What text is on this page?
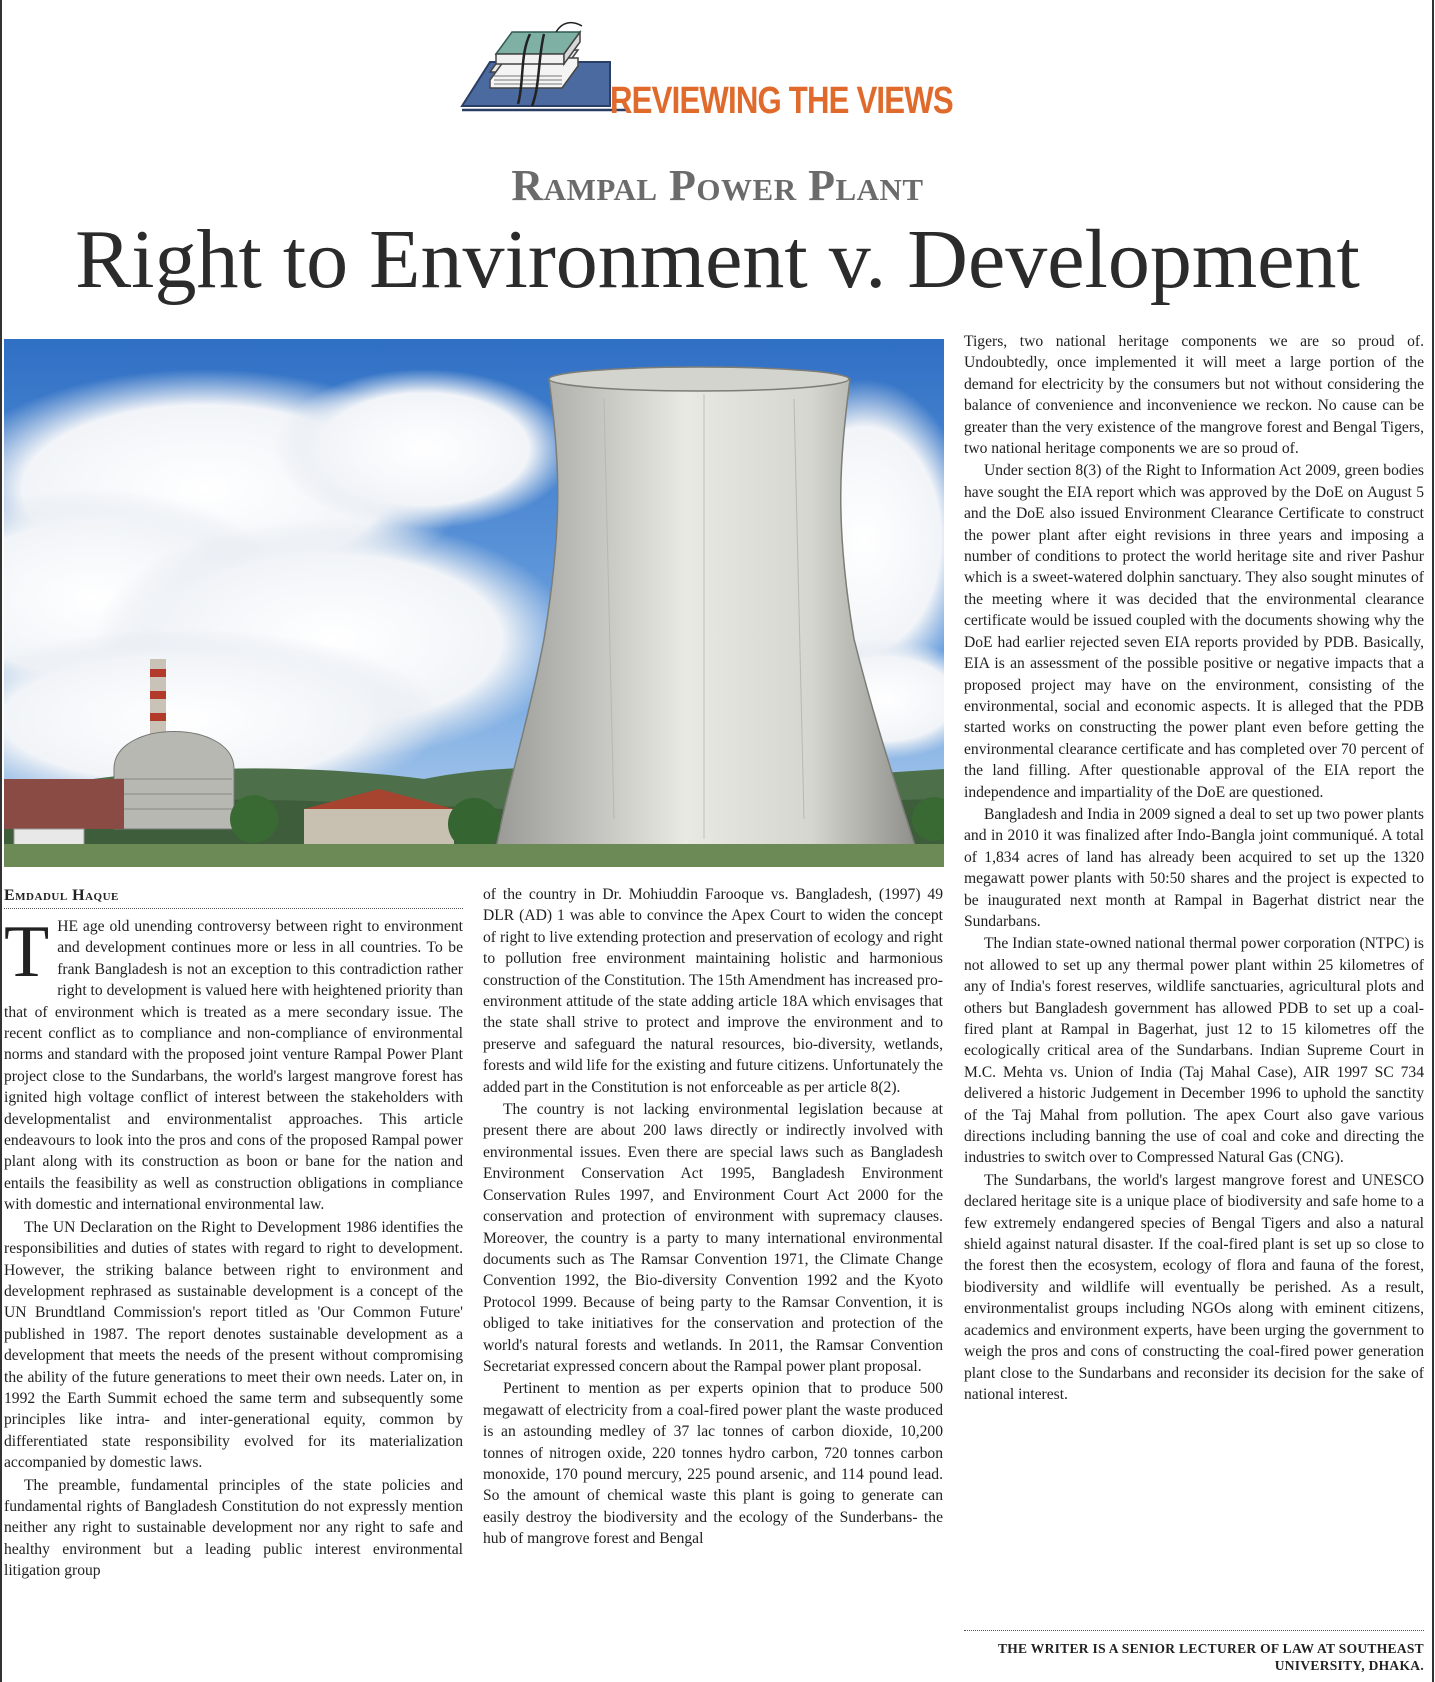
REVIEWING THE VIEWS
Rampal Power Plant
Right to Environment v. Development
Emdadul Haque

THE age old unending controversy between right to environment and development continues more or less in all countries. To be frank Bangladesh is not an exception to this contradiction rather right to development is valued here with heightened priority than that of environment which is treated as a mere secondary issue. The recent conflict as to compliance and non-compliance of environmental norms and standard with the proposed joint venture Rampal Power Plant project close to the Sundarbans, the world's largest mangrove forest has ignited high voltage conflict of interest between the stakeholders with developmentalist and environmentalist approaches. This article endeavours to look into the pros and cons of the proposed Rampal power plant along with its construction as boon or bane for the nation and entails the feasibility as well as construction obligations in compliance with domestic and international environmental law.

The UN Declaration on the Right to Development 1986 identifies the responsibilities and duties of states with regard to right to development. However, the striking balance between right to environment and development rephrased as sustainable development is a concept of the UN Brundtland Commission's report titled as 'Our Common Future' published in 1987. The report denotes sustainable development as a development that meets the needs of the present without compromising the ability of the future generations to meet their own needs. Later on, in 1992 the Earth Summit echoed the same term and subsequently some principles like intra- and inter-generational equity, common by differentiated state responsibility evolved for its materialization accompanied by domestic laws.

The preamble, fundamental principles of the state policies and fundamental rights of Bangladesh Constitution do not expressly mention neither any right to sustainable development nor any right to safe and healthy environment but a leading public interest environmental litigation group

of the country in Dr. Mohiuddin Farooque vs. Bangladesh, (1997) 49 DLR (AD) 1 was able to convince the Apex Court to widen the concept of right to live extending protection and preservation of ecology and right to pollution free environment maintaining holistic and harmonious construction of the Constitution. The 15th Amendment has increased pro-environment attitude of the state adding article 18A which envisages that the state shall strive to protect and improve the environment and to preserve and safeguard the natural resources, bio-diversity, wetlands, forests and wild life for the existing and future citizens. Unfortunately the added part in the Constitution is not enforceable as per article 8(2).

The country is not lacking environmental legislation because at present there are about 200 laws directly or indirectly involved with environmental issues. Even there are special laws such as Bangladesh Environment Conservation Act 1995, Bangladesh Environment Conservation Rules 1997, and Environment Court Act 2000 for the conservation and protection of environment with supremacy clauses. Moreover, the country is a party to many international environmental documents such as The Ramsar Convention 1971, the Climate Change Convention 1992, the Bio-diversity Convention 1992 and the Kyoto Protocol 1999. Because of being party to the Ramsar Convention, it is obliged to take initiatives for the conservation and protection of the world's natural forests and wetlands. In 2011, the Ramsar Convention Secretariat expressed concern about the Rampal power plant proposal.

Pertinent to mention as per experts opinion that to produce 500 megawatt of electricity from a coal-fired power plant the waste produced is an astounding medley of 37 lac tonnes of carbon dioxide, 10,200 tonnes of nitrogen oxide, 220 tonnes hydro carbon, 720 tonnes carbon monoxide, 170 pound mercury, 225 pound arsenic, and 114 pound lead. So the amount of chemical waste this plant is going to generate can easily destroy the biodiversity and the ecology of the Sunderbans- the hub of mangrove forest and Bengal

Tigers, two national heritage components we are so proud of. Undoubtedly, once implemented it will meet a large portion of the demand for electricity by the consumers but not without considering the balance of convenience and inconvenience we reckon. No cause can be greater than the very existence of the mangrove forest and Bengal Tigers, two national heritage components we are so proud of.

Under section 8(3) of the Right to Information Act 2009, green bodies have sought the EIA report which was approved by the DoE on August 5 and the DoE also issued Environment Clearance Certificate to construct the power plant after eight revisions in three years and imposing a number of conditions to protect the world heritage site and river Pashur which is a sweet-watered dolphin sanctuary. They also sought minutes of the meeting where it was decided that the environmental clearance certificate would be issued coupled with the documents showing why the DoE had earlier rejected seven EIA reports provided by PDB. Basically, EIA is an assessment of the possible positive or negative impacts that a proposed project may have on the environment, consisting of the environmental, social and economic aspects. It is alleged that the PDB started works on constructing the power plant even before getting the environmental clearance certificate and has completed over 70 percent of the land filling. After questionable approval of the EIA report the independence and impartiality of the DoE are questioned.

Bangladesh and India in 2009 signed a deal to set up two power plants and in 2010 it was finalized after Indo-Bangla joint communiqué. A total of 1,834 acres of land has already been acquired to set up the 1320 megawatt power plants with 50:50 shares and the project is expected to be inaugurated next month at Rampal in Bagerhat district near the Sundarbans.

The Indian state-owned national thermal power corporation (NTPC) is not allowed to set up any thermal power plant within 25 kilometres of any of India's forest reserves, wildlife sanctuaries, agricultural plots and others but Bangladesh government has allowed PDB to set up a coal-fired plant at Rampal in Bagerhat, just 12 to 15 kilometres off the ecologically critical area of the Sundarbans. Indian Supreme Court in M.C. Mehta vs. Union of India (Taj Mahal Case), AIR 1997 SC 734 delivered a historic Judgement in December 1996 to uphold the sanctity of the Taj Mahal from pollution. The apex Court also gave various directions including banning the use of coal and coke and directing the industries to switch over to Compressed Natural Gas (CNG).

The Sundarbans, the world's largest mangrove forest and UNESCO declared heritage site is a unique place of biodiversity and safe home to a few extremely endangered species of Bengal Tigers and also a natural shield against natural disaster. If the coal-fired plant is set up so close to the forest then the ecosystem, ecology of flora and fauna of the forest, biodiversity and wildlife will eventually be perished. As a result, environmentalist groups including NGOs along with eminent citizens, academics and environment experts, have been urging the government to weigh the pros and cons of constructing the coal-fired power generation plant close to the Sundarbans and reconsider its decision for the sake of national interest.

THE WRITER IS A SENIOR LECTURER OF LAW AT SOUTHEAST UNIVERSITY, DHAKA.
